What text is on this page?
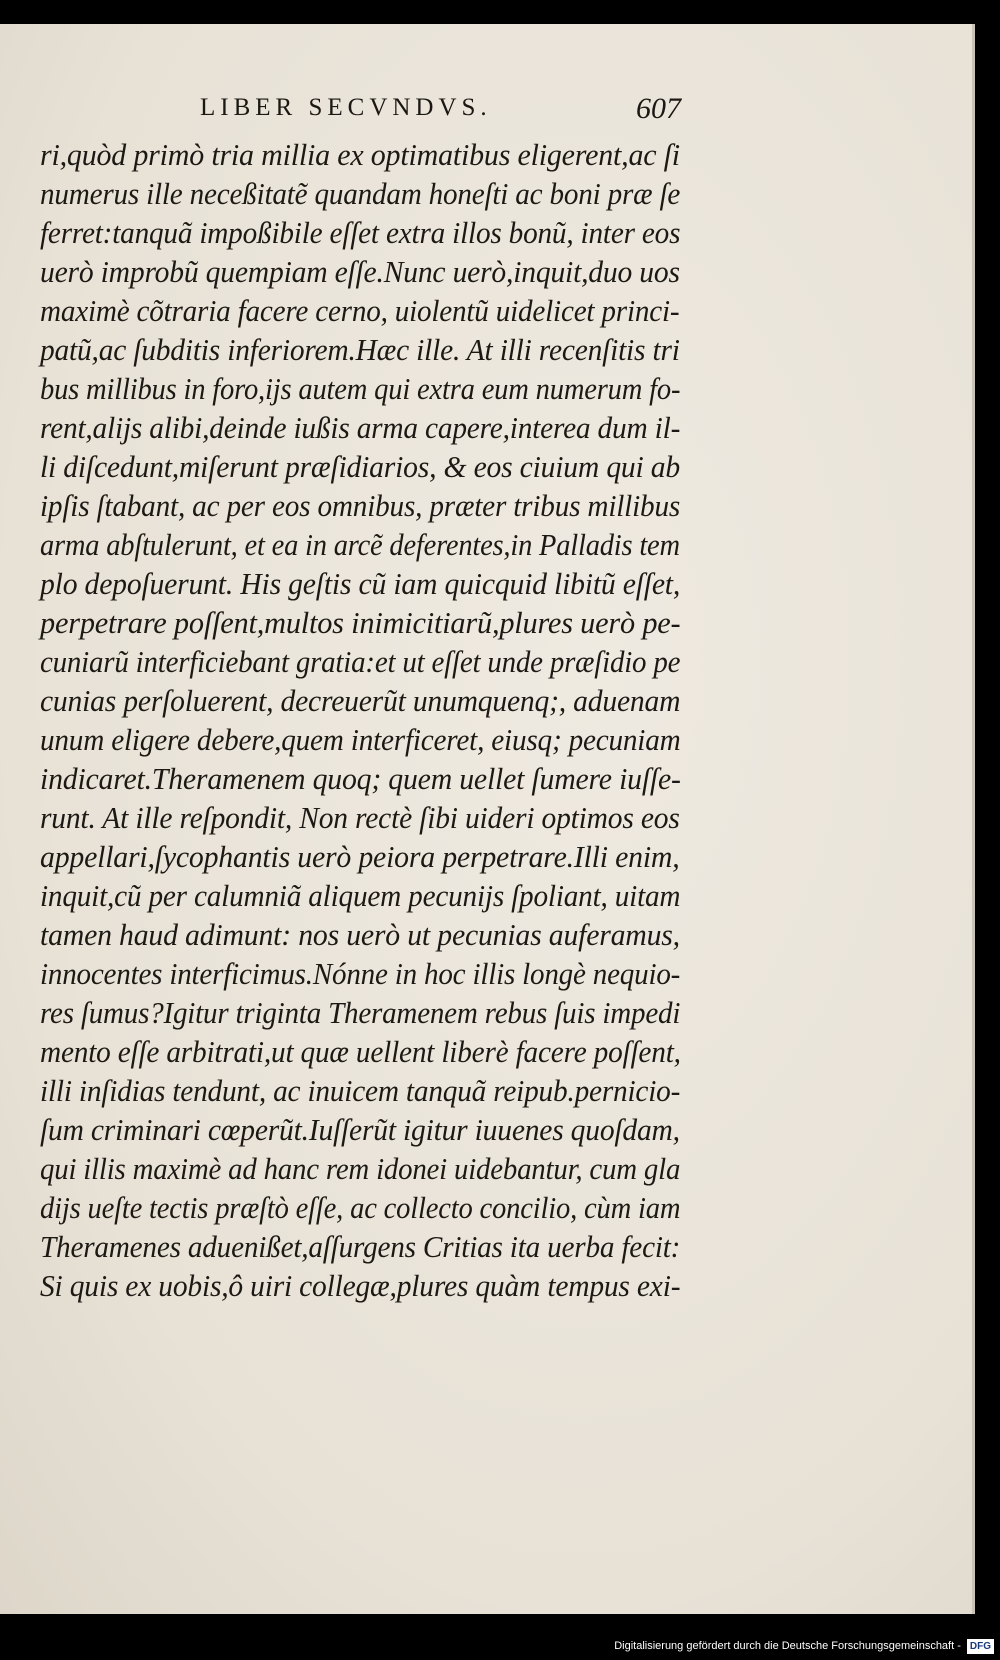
LIBER SECVNDVS.	607
ri,quòd primò tria millia ex optimatibus eligerent,ac ſi
numerus ille neceßitatẽ quandam honeſti ac boni præ ſe
ferret:tanquã impoßibile eſſet extra illos bonũ, inter eos
uerò improbũ quempiam eſſe.Nunc uerò,inquit,duo uos
maximè cõtraria facere cerno, uiolentũ uidelicet princi-
patũ,ac ſubditis inferiorem.Hæc ille. At illi recenſitis tri
bus millibus in foro,ijs autem qui extra eum numerum fo-
rent,alijs alibi,deinde iußis arma capere,interea dum il-
li diſcedunt,miſerunt præſidiarios, & eos ciuium qui ab
ipſis ſtabant, ac per eos omnibus, præter tribus millibus
arma abſtulerunt, et ea in arcẽ deferentes,in Palladis tem
plo depoſuerunt. His geſtis cũ iam quicquid libitũ eſſet,
perpetrare poſſent,multos inimicitiarũ,plures uerò pe-
cuniarũ interficiebant gratia:et ut eſſet unde præſidio pe
cunias perſoluerent, decreuerũt unumquenq;, aduenam
unum eligere debere,quem interficeret, eiusq; pecuniam
indicaret.Theramenem quoq; quem uellet ſumere iuſſe-
runt. At ille reſpondit, Non rectè ſibi uideri optimos eos
appellari,ſycophantis uerò peiora perpetrare.Illi enim,
inquit,cũ per calumniã aliquem pecunijs ſpoliant, uitam
tamen haud adimunt: nos uerò ut pecunias auferamus,
innocentes interficimus.Nónne in hoc illis longè nequio-
res ſumus?Igitur triginta Theramenem rebus ſuis impedi
mento eſſe arbitrati,ut quæ uellent liberè facere poſſent,
illi inſidias tendunt, ac inuicem tanquã reipub.pernicio-
ſum criminari cœperũt.Iuſſerũt igitur iuuenes quoſdam,
qui illis maximè ad hanc rem idonei uidebantur, cum gla
dijs ueſte tectis præſtò eſſe, ac collecto concilio, cùm iam
Theramenes aduenißet,aſſurgens Critias ita uerba fecit:
Si quis ex uobis,ô uiri collegæ,plures quàm tempus exi-
Digitalisierung gefördert durch die Deutsche Forschungsgemeinschaft - DFG
